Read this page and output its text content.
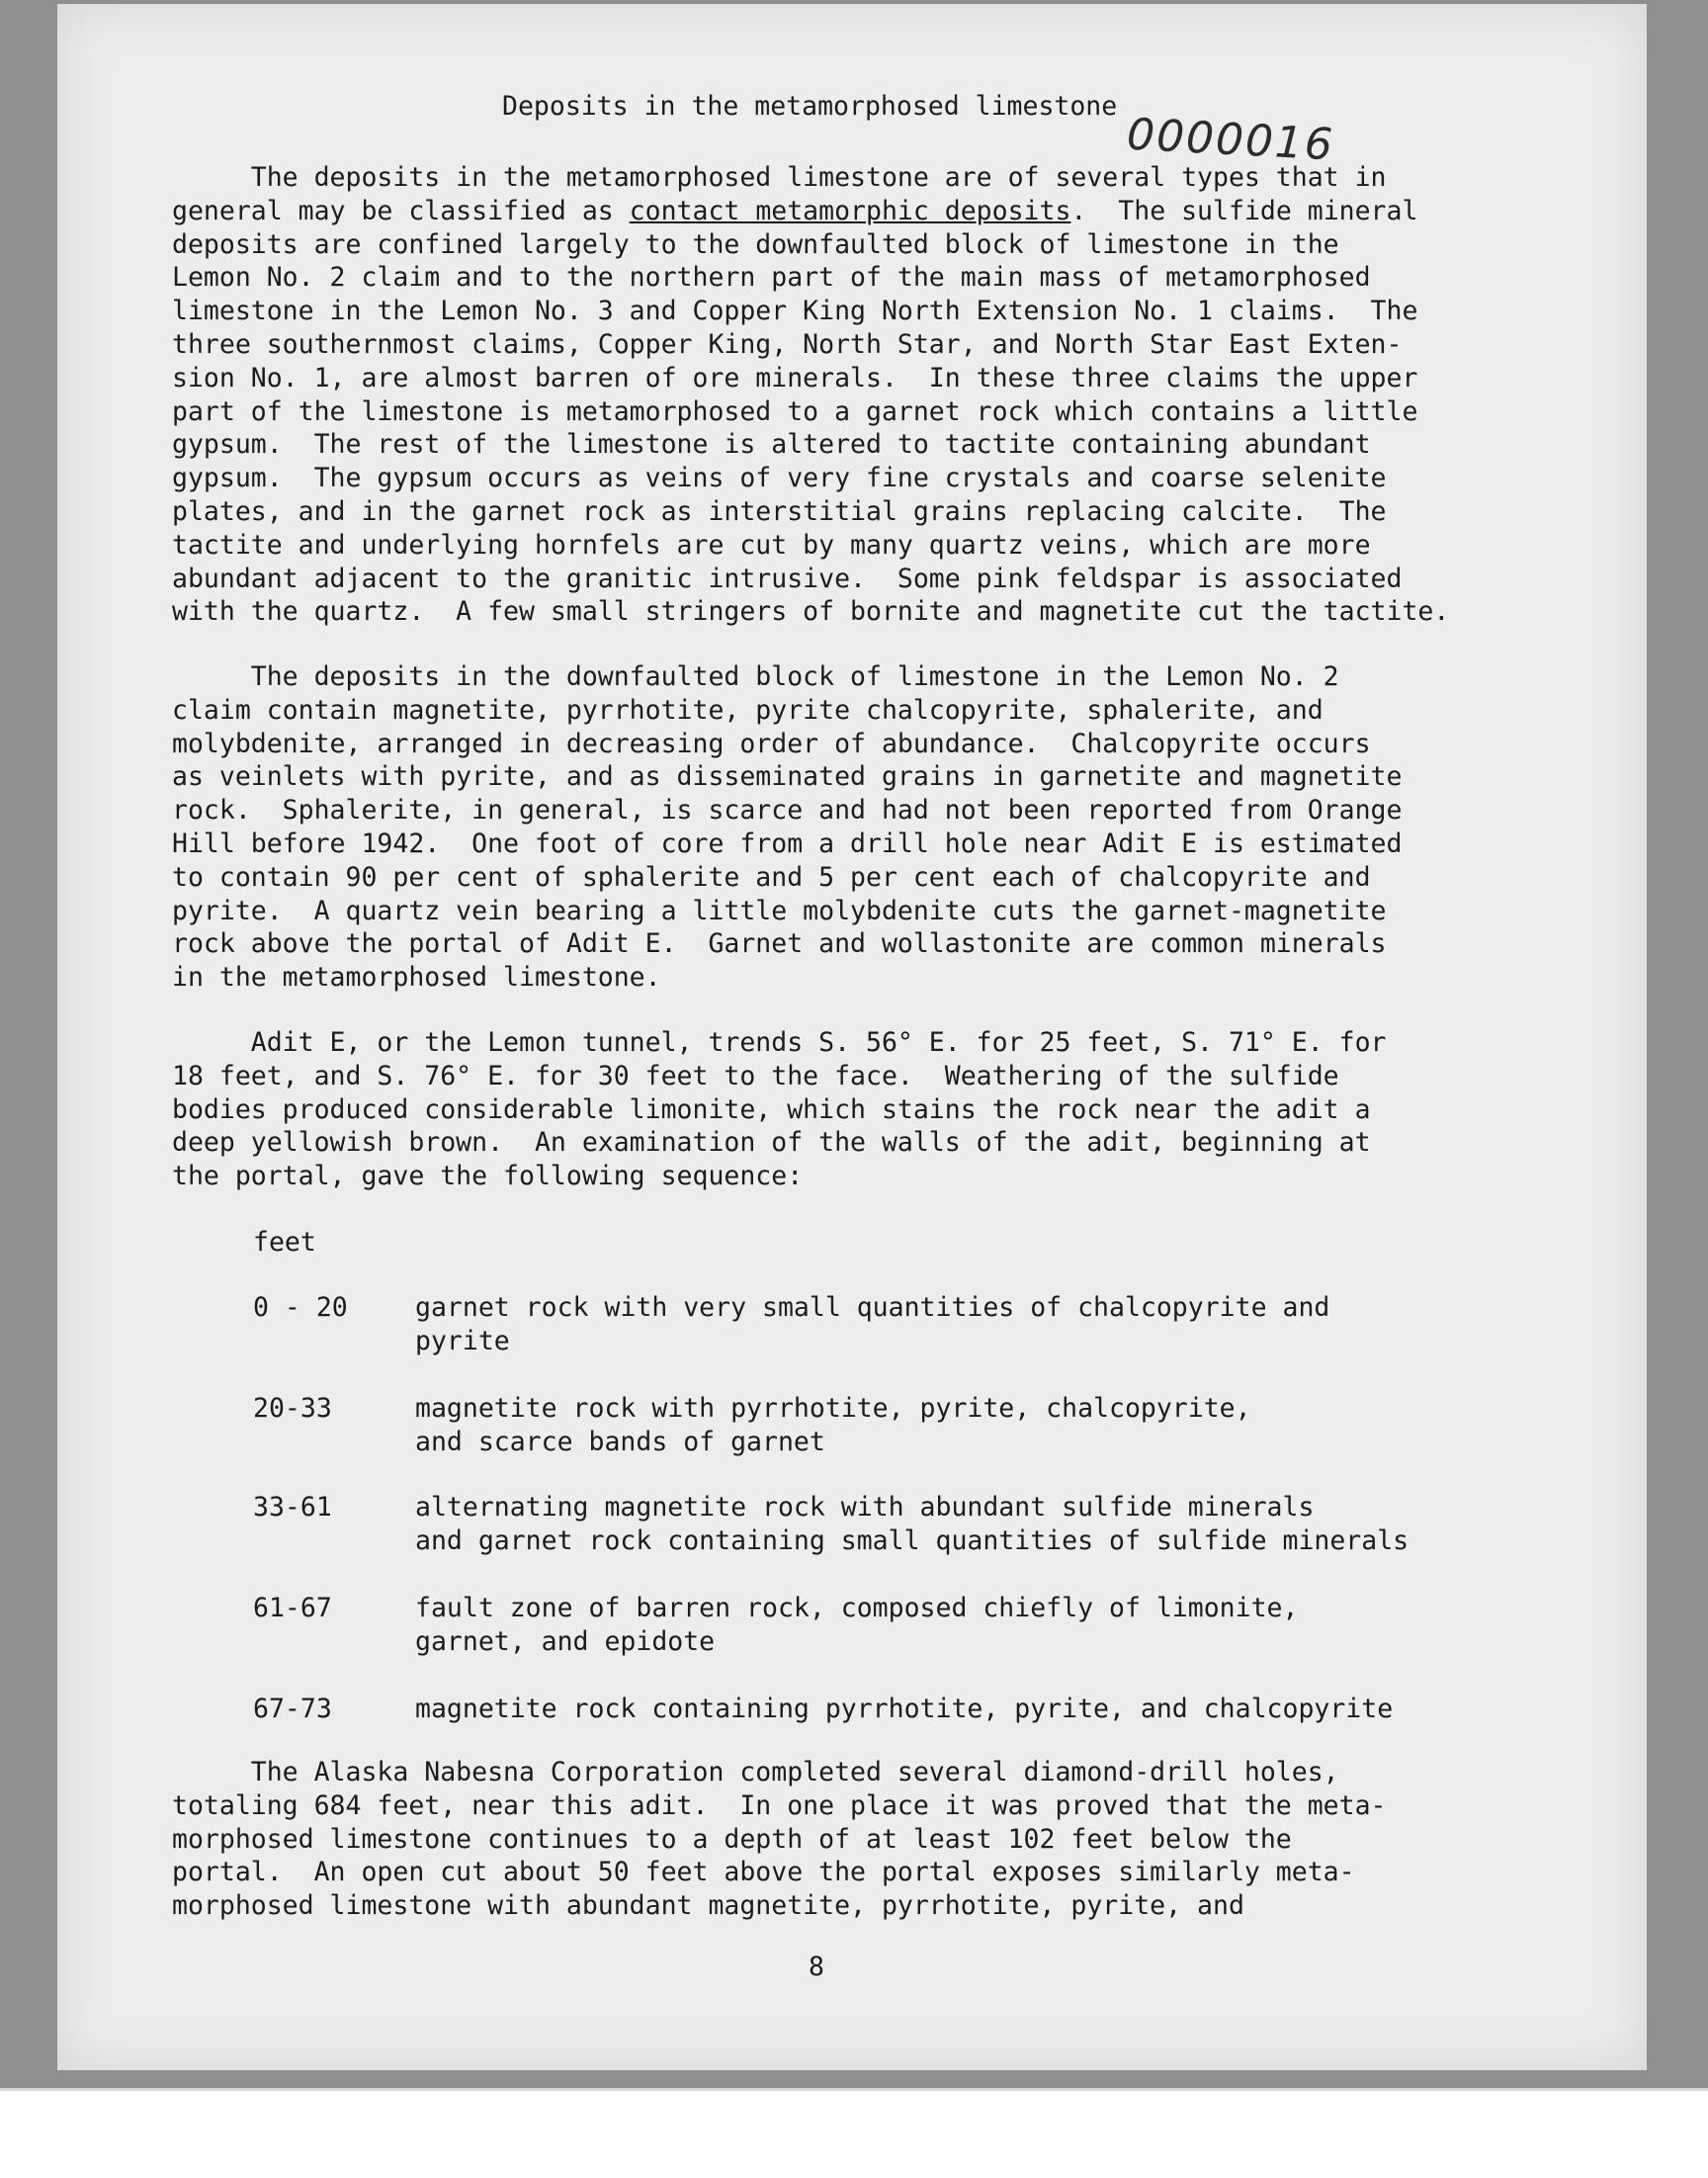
Deposits in the metamorphosed limestone
0000016
The deposits in the metamorphosed limestone are of several types that in
general may be classified as contact metamorphic deposits.  The sulfide mineral
deposits are confined largely to the downfaulted block of limestone in the
Lemon No. 2 claim and to the northern part of the main mass of metamorphosed
limestone in the Lemon No. 3 and Copper King North Extension No. 1 claims.  The
three southernmost claims, Copper King, North Star, and North Star East Exten-
sion No. 1, are almost barren of ore minerals.  In these three claims the upper
part of the limestone is metamorphosed to a garnet rock which contains a little
gypsum.  The rest of the limestone is altered to tactite containing abundant
gypsum.  The gypsum occurs as veins of very fine crystals and coarse selenite
plates, and in the garnet rock as interstitial grains replacing calcite.  The
tactite and underlying hornfels are cut by many quartz veins, which are more
abundant adjacent to the granitic intrusive.  Some pink feldspar is associated
with the quartz.  A few small stringers of bornite and magnetite cut the tactite.
The deposits in the downfaulted block of limestone in the Lemon No. 2
claim contain magnetite, pyrrhotite, pyrite chalcopyrite, sphalerite, and
molybdenite, arranged in decreasing order of abundance.  Chalcopyrite occurs
as veinlets with pyrite, and as disseminated grains in garnetite and magnetite
rock.  Sphalerite, in general, is scarce and had not been reported from Orange
Hill before 1942.  One foot of core from a drill hole near Adit E is estimated
to contain 90 per cent of sphalerite and 5 per cent each of chalcopyrite and
pyrite.  A quartz vein bearing a little molybdenite cuts the garnet-magnetite
rock above the portal of Adit E.  Garnet and wollastonite are common minerals
in the metamorphosed limestone.
Adit E, or the Lemon tunnel, trends S. 56° E. for 25 feet, S. 71° E. for
18 feet, and S. 76° E. for 30 feet to the face.  Weathering of the sulfide
bodies produced considerable limonite, which stains the rock near the adit a
deep yellowish brown.  An examination of the walls of the adit, beginning at
the portal, gave the following sequence:
feet
0 - 20	garnet rock with very small quantities of chalcopyrite and
pyrite
20-33	magnetite rock with pyrrhotite, pyrite, chalcopyrite,
and scarce bands of garnet
33-61	alternating magnetite rock with abundant sulfide minerals
and garnet rock containing small quantities of sulfide minerals
61-67	fault zone of barren rock, composed chiefly of limonite,
garnet, and epidote
67-73	magnetite rock containing pyrrhotite, pyrite, and chalcopyrite
The Alaska Nabesna Corporation completed several diamond-drill holes,
totaling 684 feet, near this adit.  In one place it was proved that the meta-
morphosed limestone continues to a depth of at least 102 feet below the
portal.  An open cut about 50 feet above the portal exposes similarly meta-
morphosed limestone with abundant magnetite, pyrrhotite, pyrite, and
8
